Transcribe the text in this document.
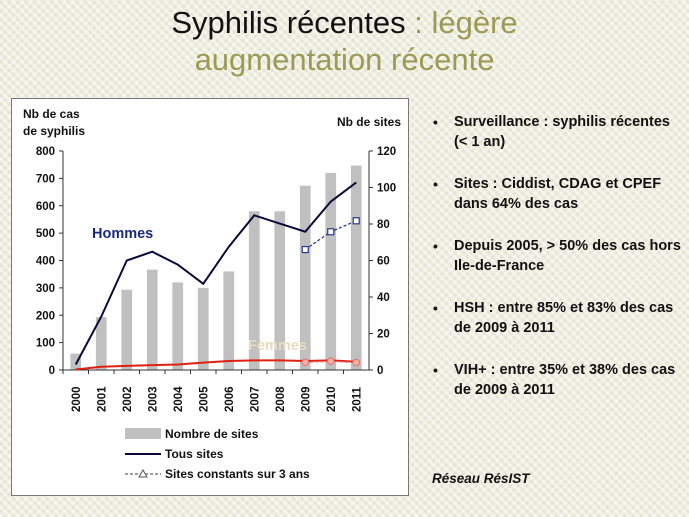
Syphilis récentes : légère
augmentation récente
Nb de cas
de syphilis
Nb de sites
0
100
200
300
400
500
600
700
800
0
20
40
60
80
100
120
2000 2001 2002 2003 2004 2005 2006 2007 2008 2009 2010 2011
Hommes
Femmes
Nombre de sites
Tous sites
Sites constants sur 3 ans
• Surveillance : syphilis récentes (< 1 an)
• Sites : Ciddist, CDAG et CPEF dans 64% des cas
• Depuis 2005, > 50% des cas hors Ile-de-France
• HSH : entre 85% et 83% des cas de 2009 à 2011
• VIH+ : entre 35% et 38% des cas de 2009 à 2011
Réseau RésIST
